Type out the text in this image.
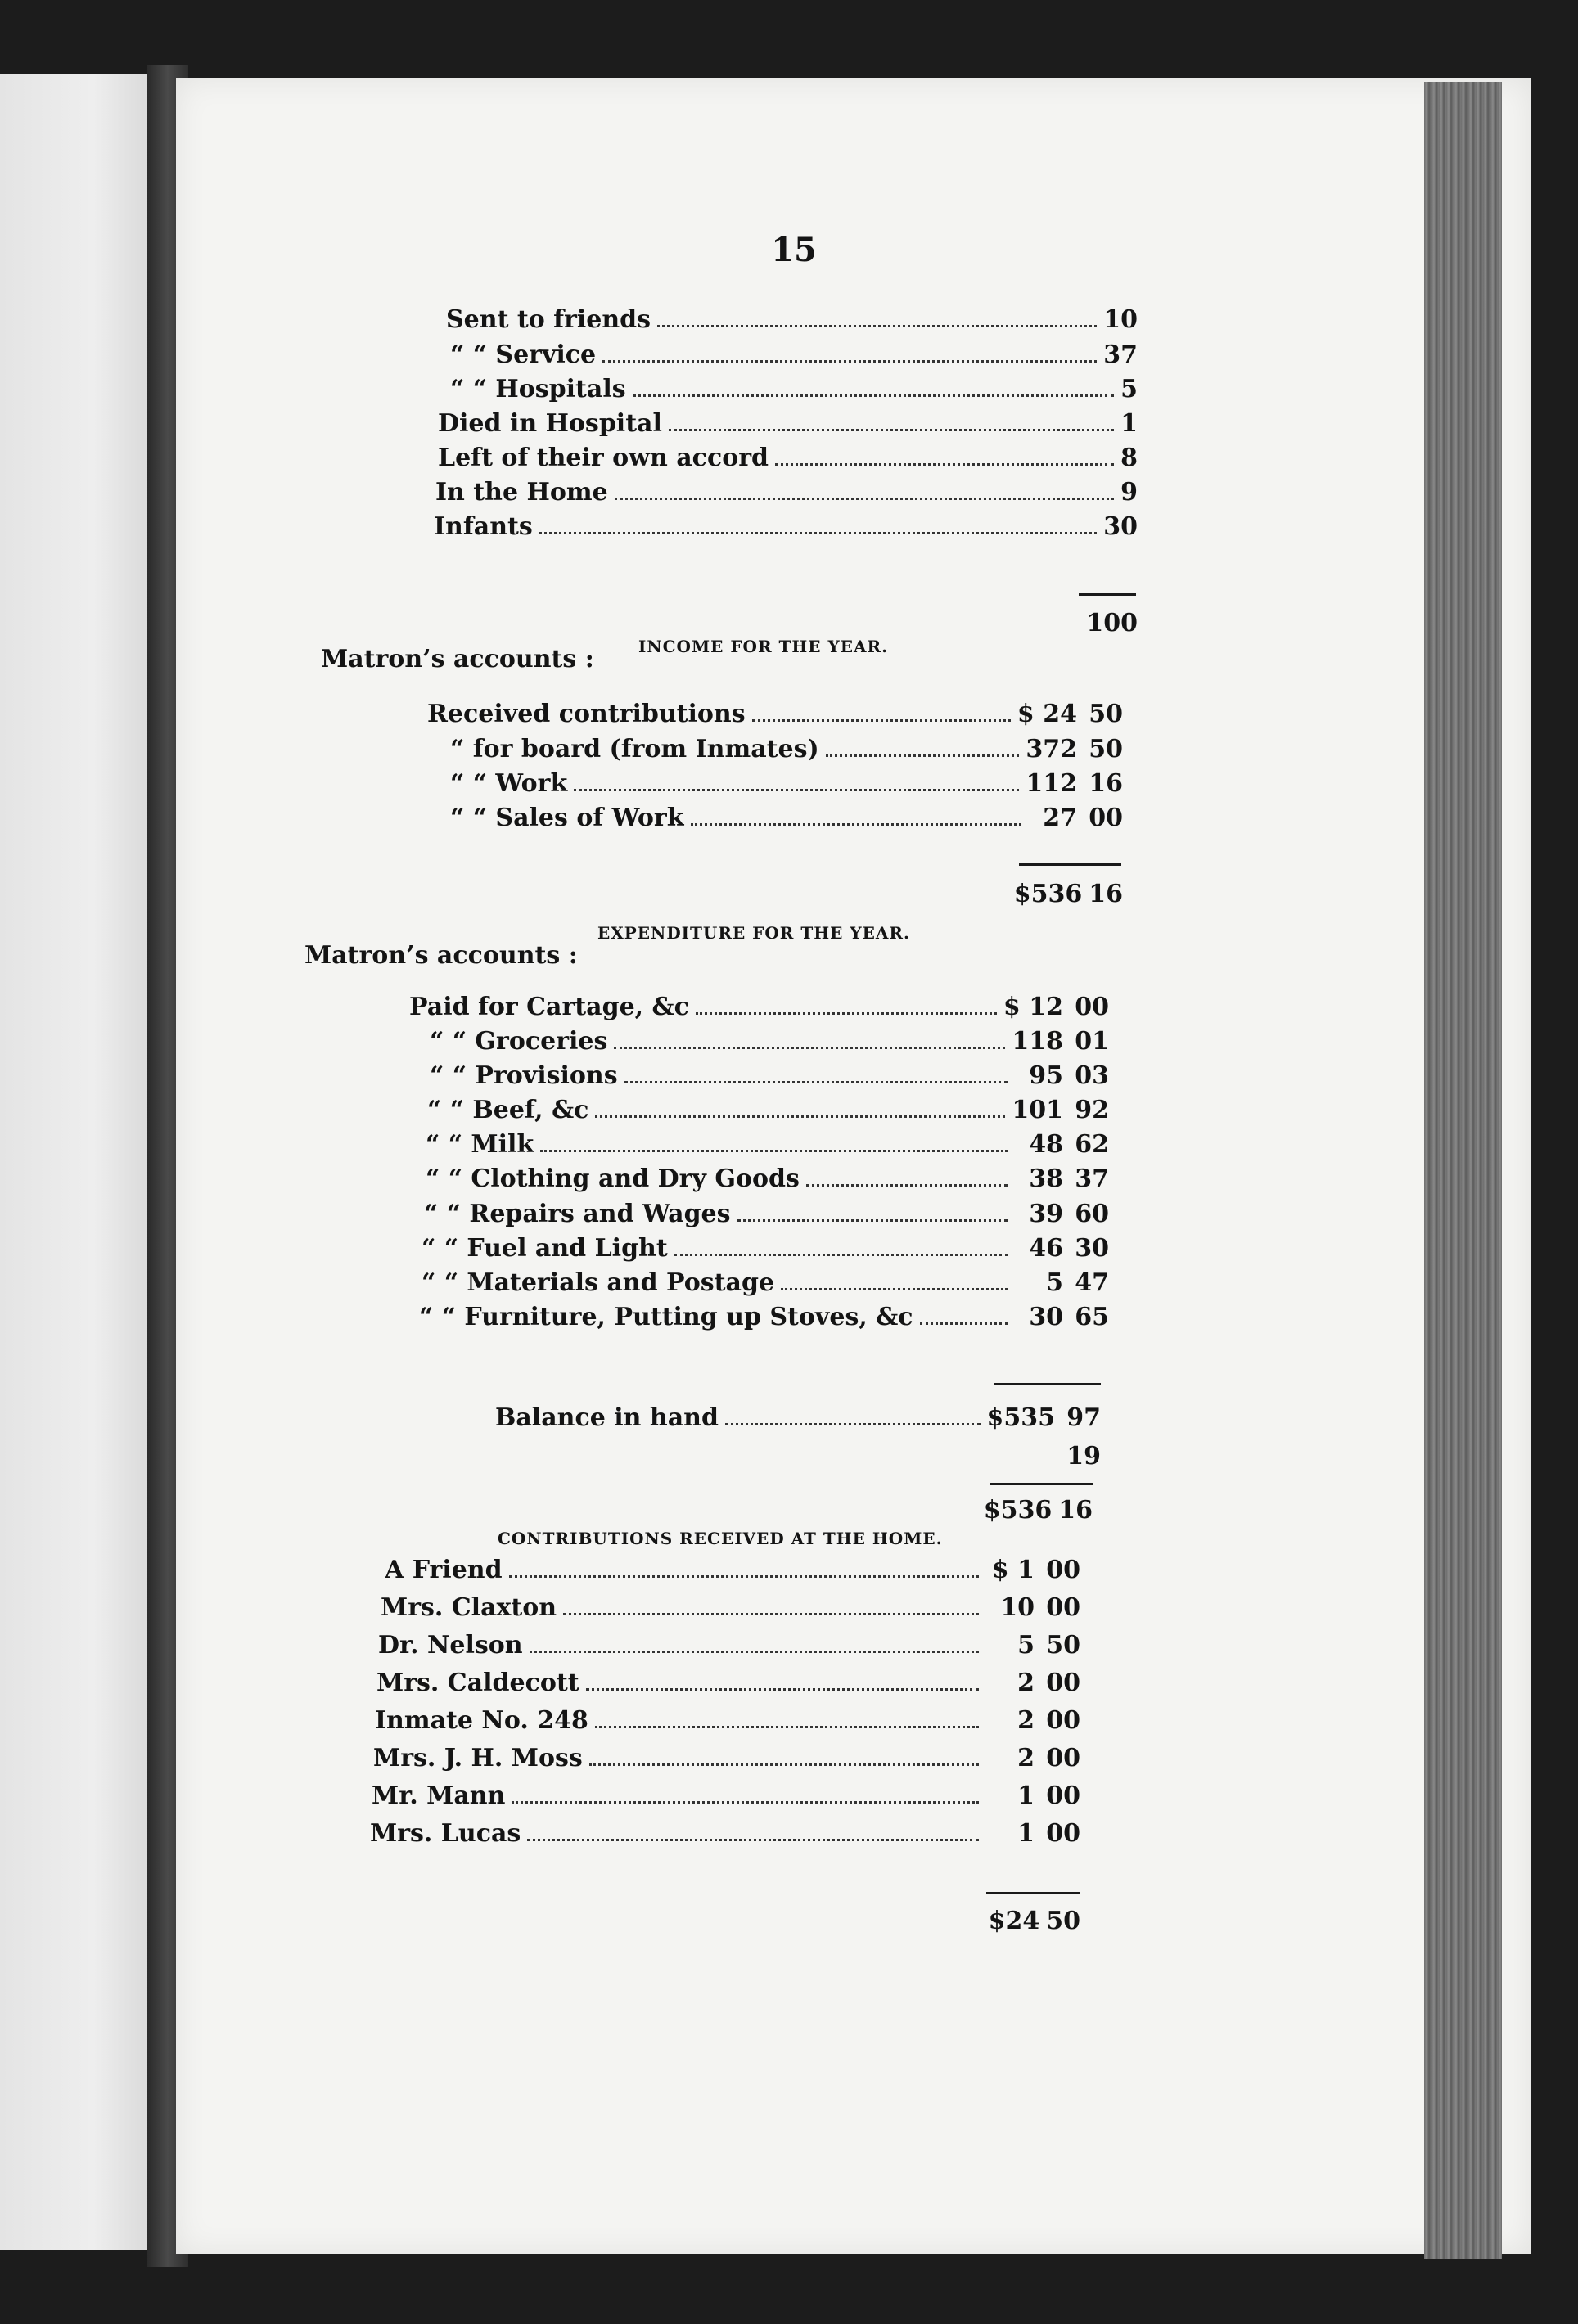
15
Sent to friends	10
“ “ Service	37
“ “ Hospitals	5
Died in Hospital	1
Left of their own accord	8
In the Home	9
Infants	30
100
INCOME FOR THE YEAR.
Matron’s accounts :
Received contributions	$ 24 50
“ for board (from Inmates)	372 50
“ “ Work	112 16
“ “ Sales of Work	27 00
$536 16
EXPENDITURE FOR THE YEAR.
Matron’s accounts :
Paid for Cartage, &c	$ 12 00
“ “ Groceries	118 01
“ “ Provisions	95 03
“ “ Beef, &c	101 92
“ “ Milk	48 62
“ “ Clothing and Dry Goods	38 37
“ “ Repairs and Wages	39 60
“ “ Fuel and Light	46 30
“ “ Materials and Postage	5 47
“ “ Furniture, Putting up Stoves, &c	30 65
Balance in hand	$535 97
19
$536 16
CONTRIBUTIONS RECEIVED AT THE HOME.
A Friend	$ 1 00
Mrs. Claxton	10 00
Dr. Nelson	5 50
Mrs. Caldecott	2 00
Inmate No. 248	2 00
Mrs. J. H. Moss	2 00
Mr. Mann	1 00
Mrs. Lucas	1 00
$24 50
